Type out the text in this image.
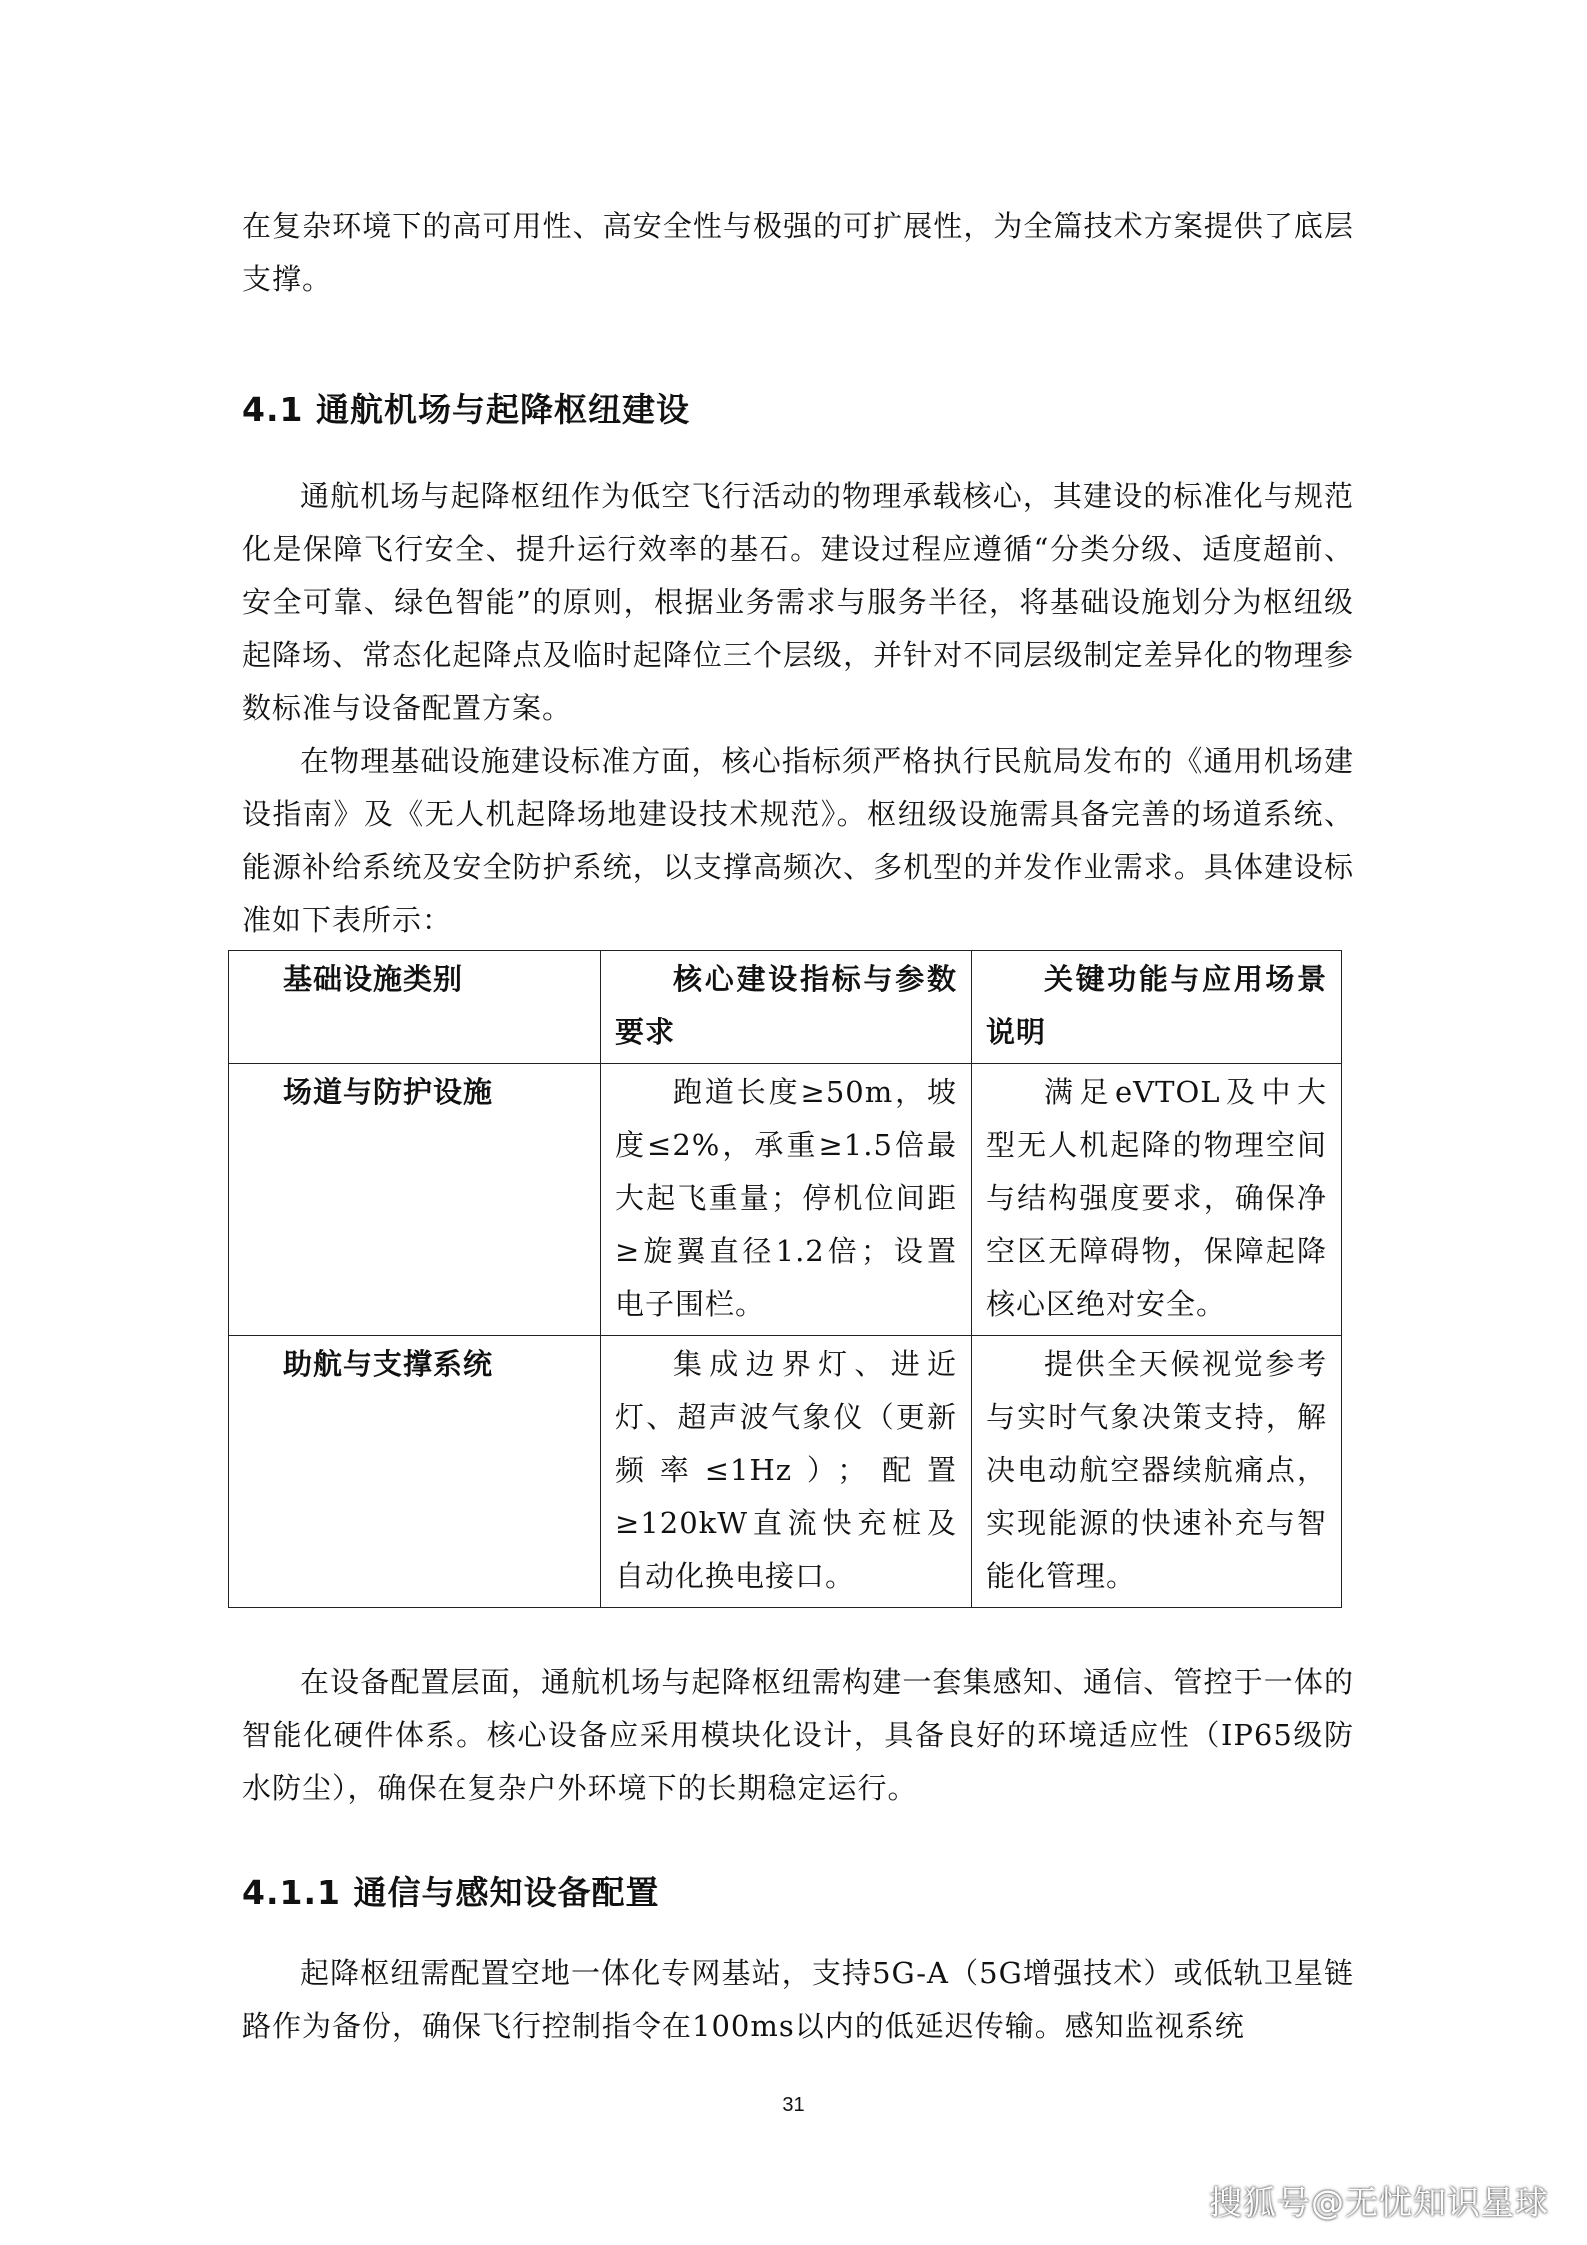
在复杂环境下的高可用性、高安全性与极强的可扩展性，为全篇技术方案提供了底层支撑。

4.1 通航机场与起降枢纽建设

通航机场与起降枢纽作为低空飞行活动的物理承载核心，其建设的标准化与规范化是保障飞行安全、提升运行效率的基石。建设过程应遵循“分类分级、适度超前、安全可靠、绿色智能”的原则，根据业务需求与服务半径，将基础设施划分为枢纽级起降场、常态化起降点及临时起降位三个层级，并针对不同层级制定差异化的物理参数标准与设备配置方案。

在物理基础设施建设标准方面，核心指标须严格执行民航局发布的《通用机场建设指南》及《无人机起降场地建设技术规范》。枢纽级设施需具备完善的场道系统、能源补给系统及安全防护系统，以支撑高频次、多机型的并发作业需求。具体建设标准如下表所示：

基础设施类别	核心建设指标与参数要求	关键功能与应用场景说明
场道与防护设施	跑道长度≥50m，坡度≤2%，承重≥1.5倍最大起飞重量；停机位间距≥旋翼直径1.2倍；设置电子围栏。	满足eVTOL及中大型无人机起降的物理空间与结构强度要求，确保净空区无障碍物，保障起降核心区绝对安全。
助航与支撑系统	集成边界灯、进近灯、超声波气象仪（更新频率≤1Hz）；配置≥120kW直流快充桩及自动化换电接口。	提供全天候视觉参考与实时气象决策支持，解决电动航空器续航痛点，实现能源的快速补充与智能化管理。

在设备配置层面，通航机场与起降枢纽需构建一套集感知、通信、管控于一体的智能化硬件体系。核心设备应采用模块化设计，具备良好的环境适应性（IP65级防水防尘），确保在复杂户外环境下的长期稳定运行。

4.1.1 通信与感知设备配置

起降枢纽需配置空地一体化专网基站，支持5G-A（5G增强技术）或低轨卫星链路作为备份，确保飞行控制指令在100ms以内的低延迟传输。感知监视系统

31
搜狐号@无忧知识星球
